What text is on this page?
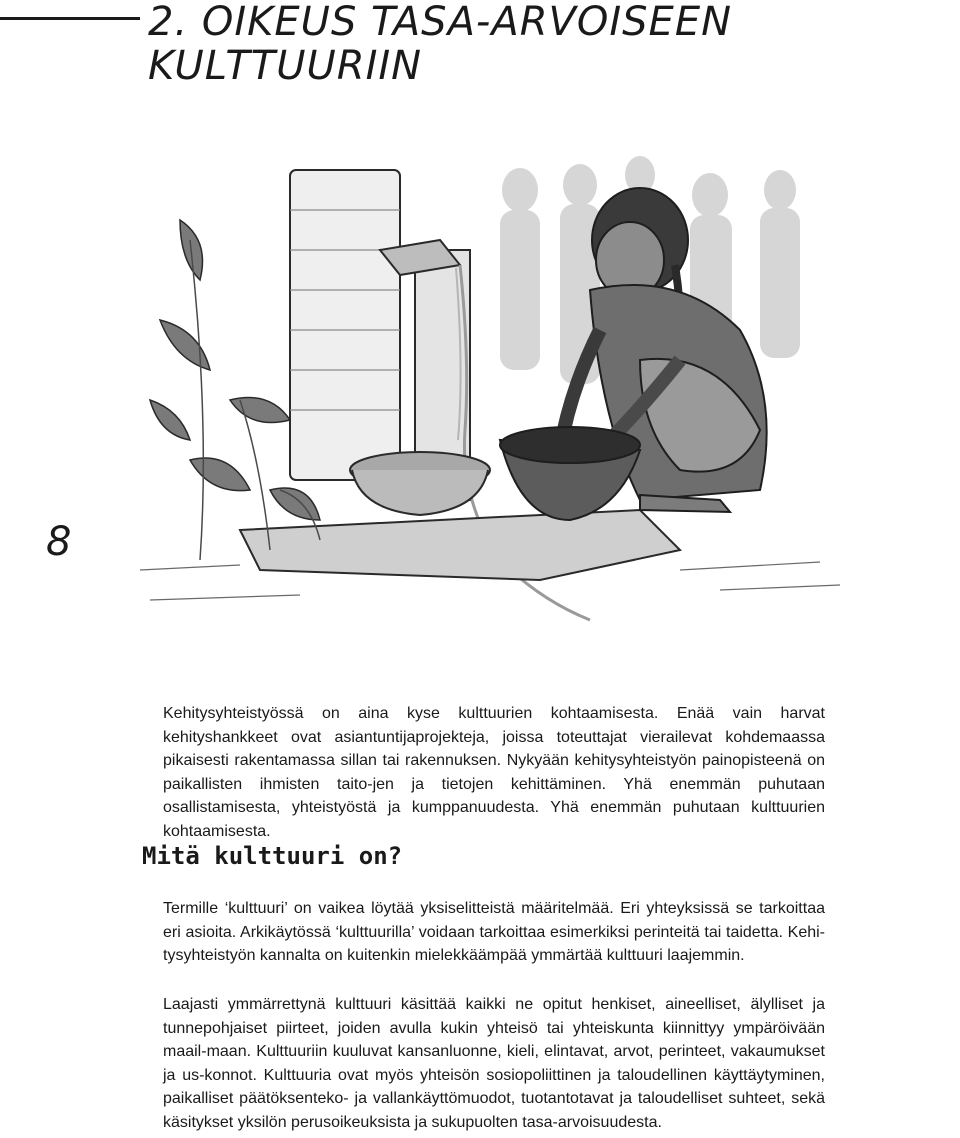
2. OIKEUS TASA-ARVOISEEN KULTTUURIIN
8

Kehitysyhteistyössä on aina kyse kulttuurien kohtaamisesta. Enää vain harvat kehityshankkeet ovat asiantuntijaprojekteja, joissa toteuttajat vierailevat kohdemaassa pikaisesti rakentamassa sillan tai rakennuksen. Nykyään kehitysyhteistyön painopisteenä on paikallisten ihmisten taito-jen ja tietojen kehittäminen. Yhä enemmän puhutaan osallistamisesta, yhteistyöstä ja kumppanuudesta. Yhä enemmän puhutaan kulttuurien kohtaamisesta.

Mitä kulttuuri on?

Termille ‘kulttuuri’ on vaikea löytää yksiselitteistä määritelmää. Eri yhteyksissä se tarkoittaa eri asioita. Arkikäytössä ‘kulttuurilla’ voidaan tarkoittaa esimerkiksi perinteitä tai taidetta. Kehi-tysyhteistyön kannalta on kuitenkin mielekkäämpää ymmärtää kulttuuri laajemmin.

Laajasti ymmärrettynä kulttuuri käsittää kaikki ne opitut henkiset, aineelliset, älylliset ja tunnepohjaiset piirteet, joiden avulla kukin yhteisö tai yhteiskunta kiinnittyy ympäröivään maail-maan. Kulttuuriin kuuluvat kansanluonne, kieli, elintavat, arvot, perinteet, vakaumukset ja us-konnot. Kulttuuria ovat myös yhteisön sosiopoliittinen ja taloudellinen käyttäytyminen, paikalliset päätöksenteko- ja vallankäyttömuodot, tuotantotavat ja taloudelliset suhteet, sekä käsitykset yksilön perusoikeuksista ja sukupuolten tasa-arvoisuudesta.
